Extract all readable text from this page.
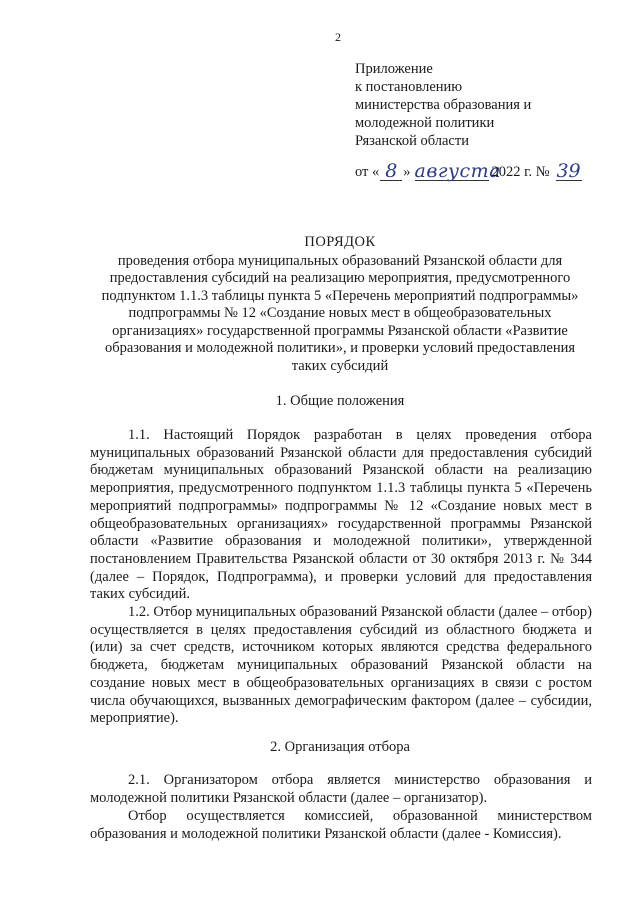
2
Приложение
к постановлению
министерства образования и
молодежной политики
Рязанской области
от « 8 » августа
2022 г. № 39
ПОРЯДОК
проведения отбора муниципальных образований Рязанской области для предоставления субсидий на реализацию мероприятия, предусмотренного подпунктом 1.1.3 таблицы пункта 5 «Перечень мероприятий подпрограммы» подпрограммы № 12 «Создание новых мест в общеобразовательных организациях» государственной программы Рязанской области «Развитие образования и молодежной политики», и проверки условий предоставления таких субсидий
1. Общие положения
1.1. Настоящий Порядок разработан в целях проведения отбора муниципальных образований Рязанской области для предоставления субсидий бюджетам муниципальных образований Рязанской области на реализацию мероприятия, предусмотренного подпунктом 1.1.3 таблицы пункта 5 «Перечень мероприятий подпрограммы» подпрограммы № 12 «Создание новых мест в общеобразовательных организациях» государственной программы Рязанской области «Развитие образования и молодежной политики», утвержденной постановлением Правительства Рязанской области от 30 октября 2013 г. № 344 (далее – Порядок, Подпрограмма), и проверки условий для предоставления таких субсидий.
1.2. Отбор муниципальных образований Рязанской области (далее – отбор) осуществляется в целях предоставления субсидий из областного бюджета и (или) за счет средств, источником которых являются средства федерального бюджета, бюджетам муниципальных образований Рязанской области на создание новых мест в общеобразовательных организациях в связи с ростом числа обучающихся, вызванных демографическим фактором (далее – субсидии, мероприятие).
2. Организация отбора
2.1. Организатором отбора является министерство образования и молодежной политики Рязанской области (далее – организатор).
Отбор осуществляется комиссией, образованной министерством образования и молодежной политики Рязанской области (далее - Комиссия).
